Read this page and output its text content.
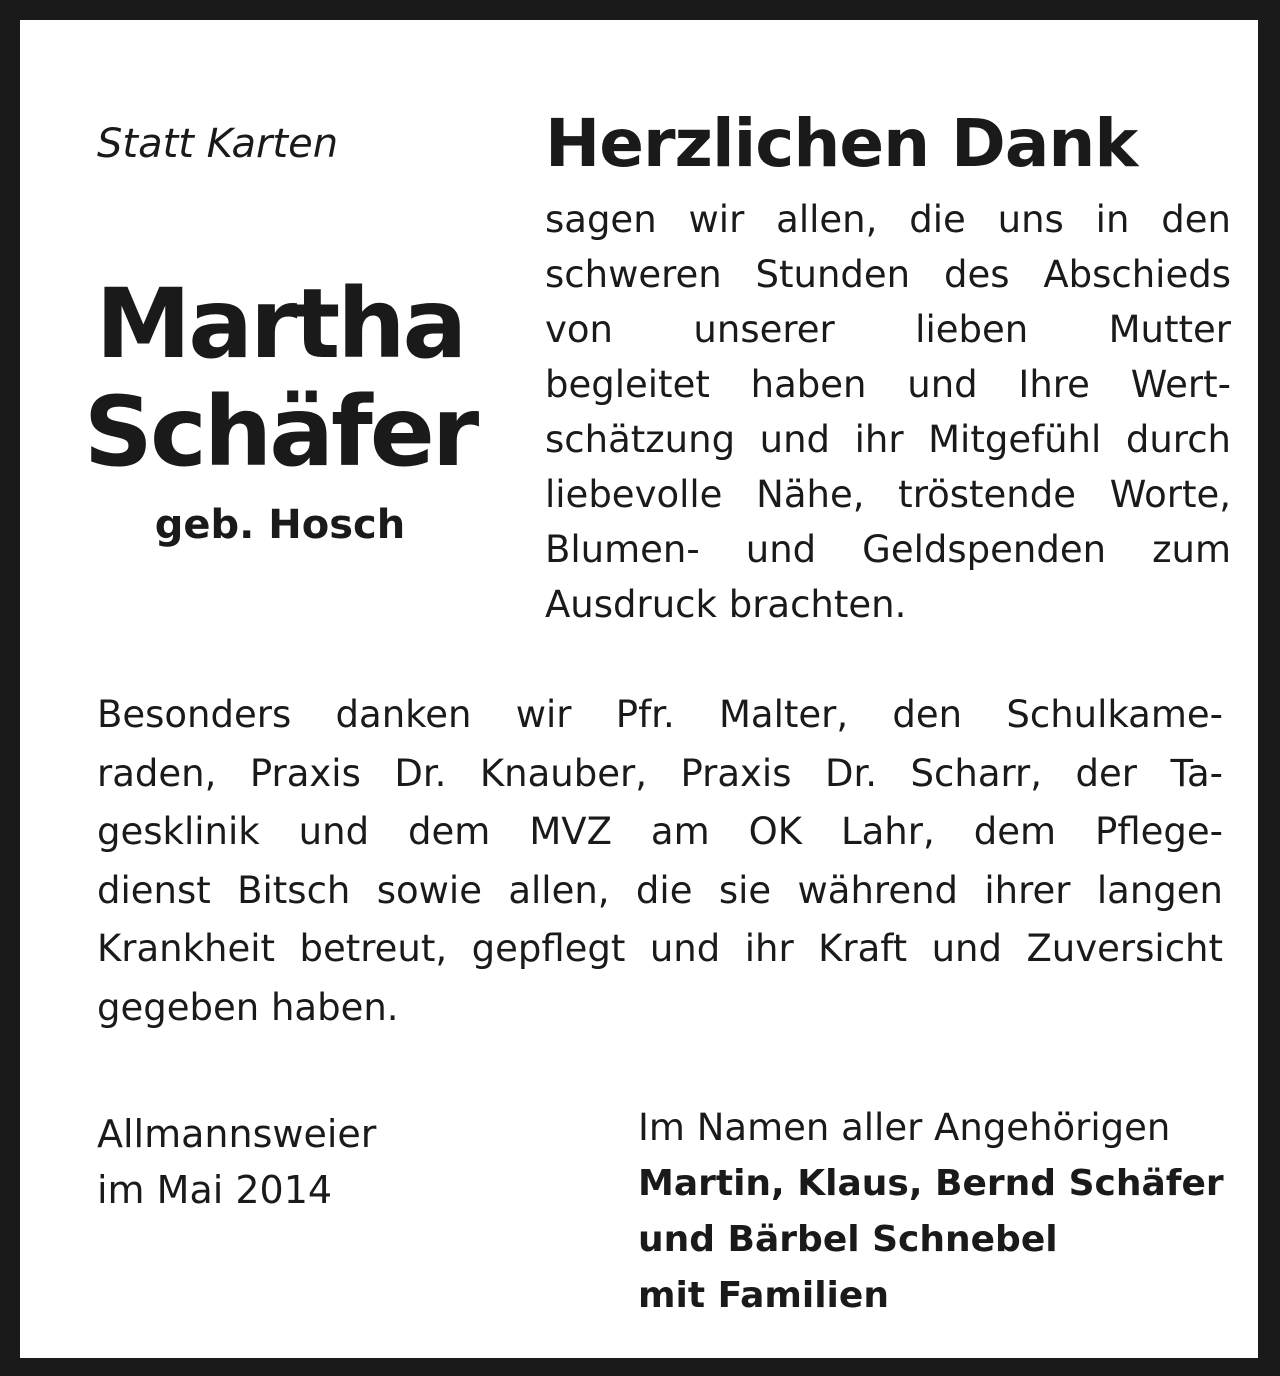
Statt Karten
Martha
Schäfer
geb. Hosch
Herzlichen Dank
sagen wir allen, die uns in den
schweren Stunden des Abschieds
von unserer lieben Mutter
begleitet haben und Ihre Wert-
schätzung und ihr Mitgefühl durch
liebevolle Nähe, tröstende Worte,
Blumen- und Geldspenden zum
Ausdruck brachten.
Besonders danken wir Pfr. Malter, den Schulkame-
raden, Praxis Dr. Knauber, Praxis Dr. Scharr, der Ta-
gesklinik und dem MVZ am OK Lahr, dem Pflege-
dienst Bitsch sowie allen, die sie während ihrer langen
Krankheit betreut, gepflegt und ihr Kraft und Zuversicht
gegeben haben.
Allmannsweier
im Mai 2014
Im Namen aller Angehörigen
Martin, Klaus, Bernd Schäfer
und Bärbel Schnebel
mit Familien
